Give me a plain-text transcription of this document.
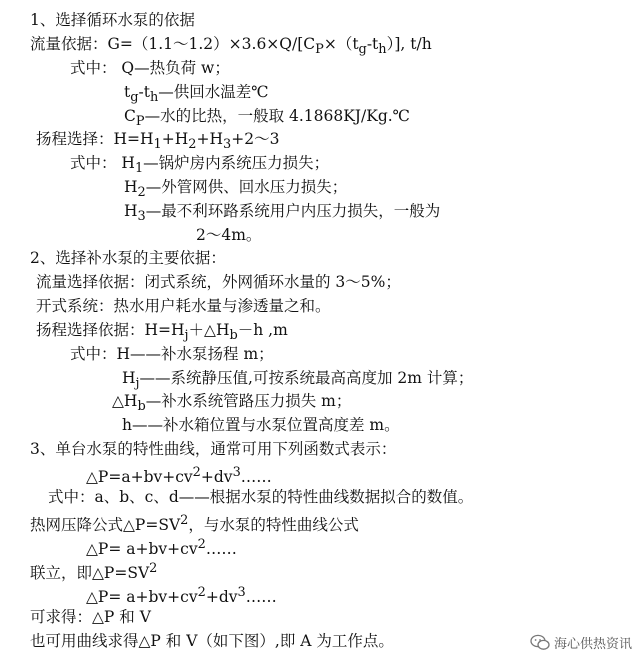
1、选择循环水泵的依据
流量依据：$G=(1.1\sim 1.2)\times 3.6\times Q/[C_P\times(t_g-t_h)]$, t/h
式中： Q—热负荷 w；
$t_g-t_h—$供回水温差℃
$C_P—$水的比热，一般取 4.1868KJ/Kg.℃
扬程选择：$H=H_1+H_2+H_3+2\sim 3$
式中： $H_1—$锅炉房内系统压力损失；
$H_2—$外管网供、回水压力损失；
$H_3—$最不利环路系统用户内压力损失，一般为
2～4m。
2、选择补水泵的主要依据：
流量选择依据：闭式系统，外网循环水量的 3～5%；
开式系统：热水用户耗水量与渗透量之和。
扬程选择依据：$H=H_j+\triangle H_b-h$ ,m
式中：H——补水泵扬程 m；
$H_j——$系统静压值,可按系统最高高度加 2m 计算；
$\triangle H_b—$补水系统管路压力损失 m；
h——补水箱位置与水泵位置高度差 m。
3、单台水泵的特性曲线，通常可用下列函数式表示：
$\triangle P=a+bv+cv^2+dv^3\dots\dots$
式中：a、b、c、d——根据水泵的特性曲线数据拟合的数值。
热网压降公式$\triangle P=SV^2$，与水泵的特性曲线公式
△P= $a+bv+cv^2\dots\dots$
联立，即$\triangle P=SV^2$
△P= $a+bv+cv^2+dv^3\dots\dots$
可求得：△P 和 V
也可用曲线求得△P 和 V（如下图）,即 A 为工作点。	海心供热资讯
